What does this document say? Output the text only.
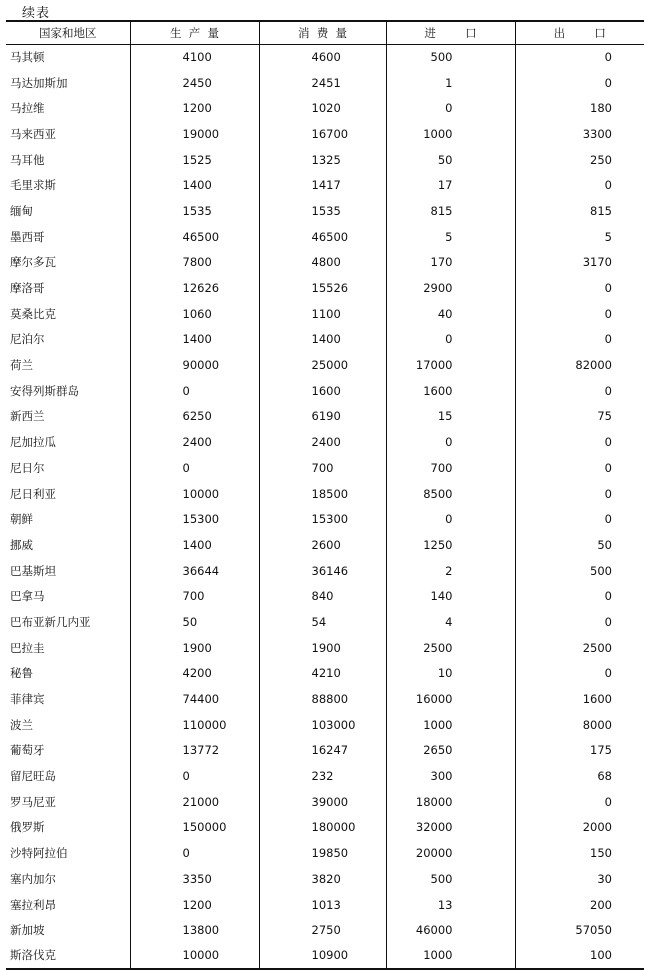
续表
国家和地区	生  产  量	消  费  量	进        口	出        口
马其顿	4100	4600	500	0
马达加斯加	2450	2451	1	0
马拉维	1200	1020	0	180
马来西亚	19000	16700	1000	3300
马耳他	1525	1325	50	250
毛里求斯	1400	1417	17	0
缅甸	1535	1535	815	815
墨西哥	46500	46500	5	5
摩尔多瓦	7800	4800	170	3170
摩洛哥	12626	15526	2900	0
莫桑比克	1060	1100	40	0
尼泊尔	1400	1400	0	0
荷兰	90000	25000	17000	82000
安得列斯群岛	0	1600	1600	0
新西兰	6250	6190	15	75
尼加拉瓜	2400	2400	0	0
尼日尔	0	700	700	0
尼日利亚	10000	18500	8500	0
朝鲜	15300	15300	0	0
挪威	1400	2600	1250	50
巴基斯坦	36644	36146	2	500
巴拿马	700	840	140	0
巴布亚新几内亚	50	54	4	0
巴拉圭	1900	1900	2500	2500
秘鲁	4200	4210	10	0
菲律宾	74400	88800	16000	1600
波兰	110000	103000	1000	8000
葡萄牙	13772	16247	2650	175
留尼旺岛	0	232	300	68
罗马尼亚	21000	39000	18000	0
俄罗斯	150000	180000	32000	2000
沙特阿拉伯	0	19850	20000	150
塞内加尔	3350	3820	500	30
塞拉利昂	1200	1013	13	200
新加坡	13800	2750	46000	57050
斯洛伐克	10000	10900	1000	100
